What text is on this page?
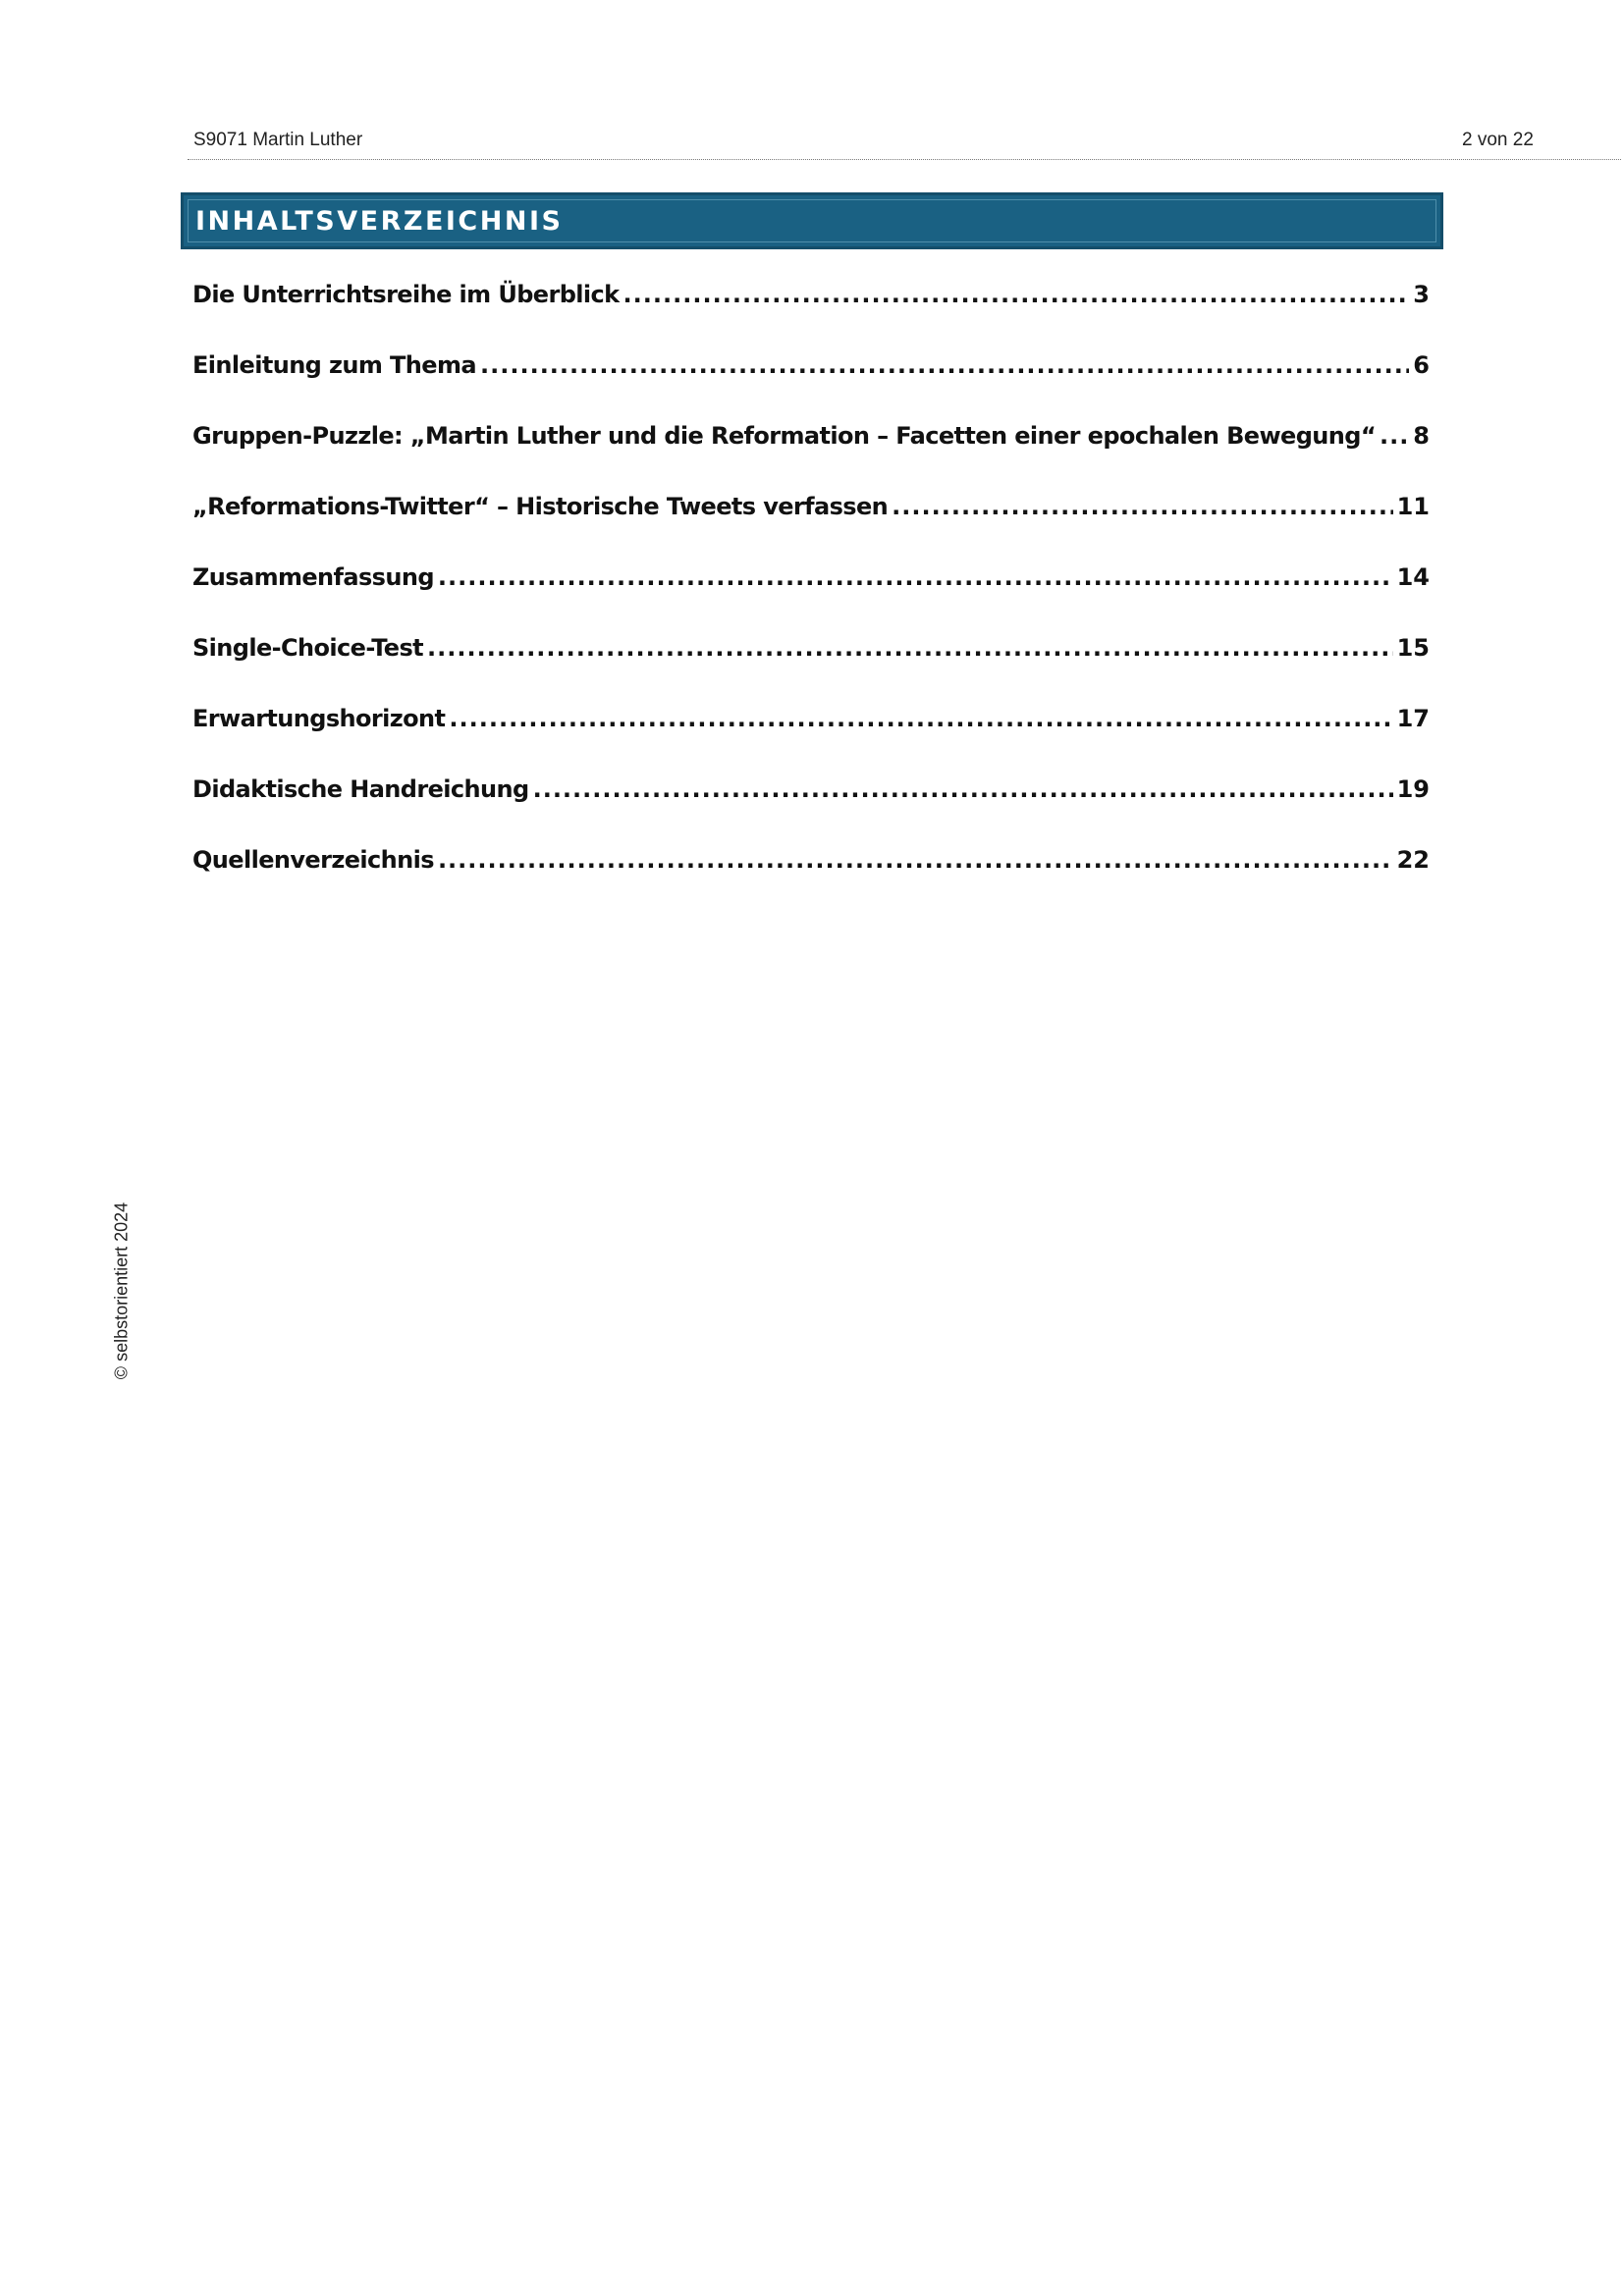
S9071 Martin Luther	2 von 22
INHALTSVERZEICHNIS
Die Unterrichtsreihe im Überblick .....	3
Einleitung zum Thema .....	6
Gruppen-Puzzle: „Martin Luther und die Reformation – Facetten einer epochalen Bewegung“ ..... 8
„Reformations-Twitter“ – Historische Tweets verfassen .....	11
Zusammenfassung .....	14
Single-Choice-Test .....	15
Erwartungshorizont .....	17
Didaktische Handreichung .....	19
Quellenverzeichnis .....	22
© selbstorientiert 2024
